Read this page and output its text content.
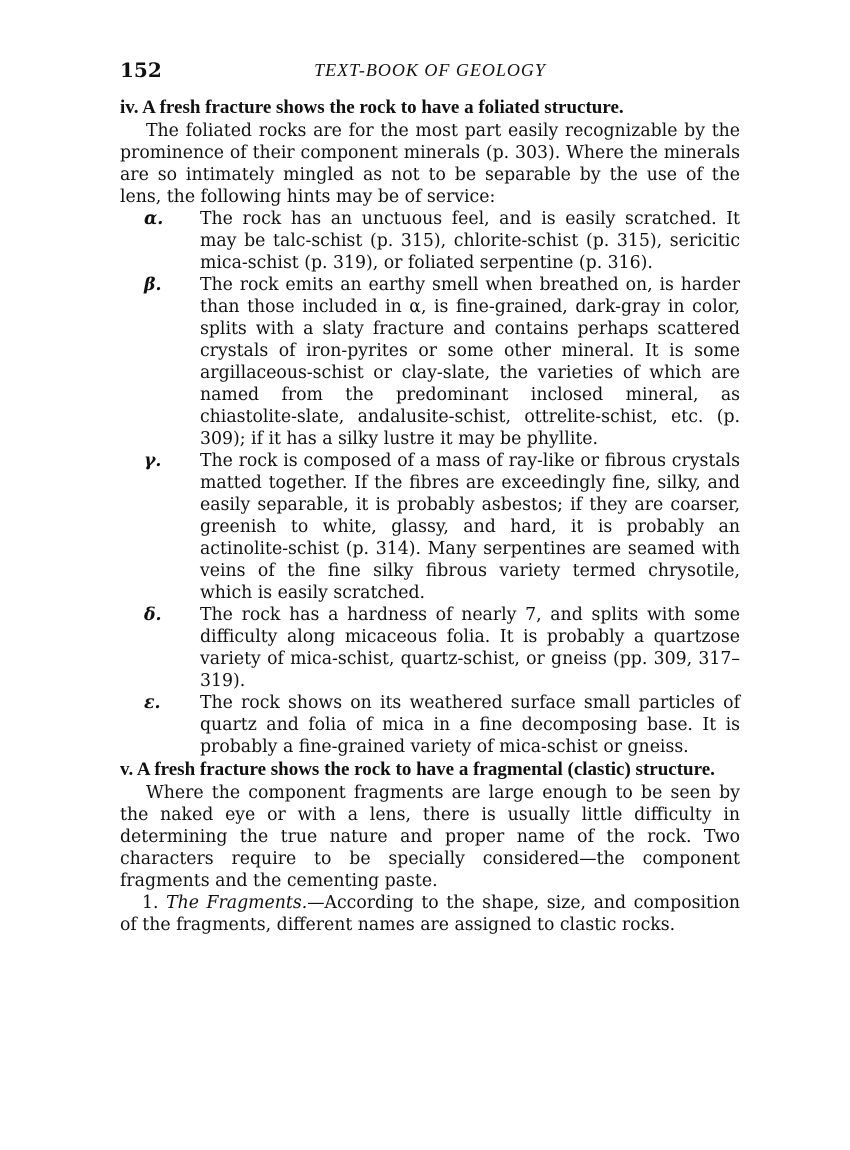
152	TEXT-BOOK OF GEOLOGY

iv. A fresh fracture shows the rock to have a foliated structure.

The foliated rocks are for the most part easily recognizable by the prominence of their component minerals (p. 303). Where the minerals are so intimately mingled as not to be separable by the use of the lens, the following hints may be of service:

α. The rock has an unctuous feel, and is easily scratched. It may be talc-schist (p. 315), chlorite-schist (p. 315), sericitic mica-schist (p. 319), or foliated serpentine (p. 316).
β. The rock emits an earthy smell when breathed on, is harder than those included in α, is fine-grained, dark-gray in color, splits with a slaty fracture and contains perhaps scattered crystals of iron-pyrites or some other mineral. It is some argillaceous-schist or clay-slate, the varieties of which are named from the predominant inclosed mineral, as chiastolite-slate, andalusite-schist, ottrelite-schist, etc. (p. 309); if it has a silky lustre it may be phyllite.
γ. The rock is composed of a mass of ray-like or fibrous crystals matted together. If the fibres are exceedingly fine, silky, and easily separable, it is probably asbestos; if they are coarser, greenish to white, glassy, and hard, it is probably an actinolite-schist (p. 314). Many serpentines are seamed with veins of the fine silky fibrous variety termed chrysotile, which is easily scratched.
δ. The rock has a hardness of nearly 7, and splits with some difficulty along micaceous folia. It is probably a quartzose variety of mica-schist, quartz-schist, or gneiss (pp. 309, 317–319).
ε. The rock shows on its weathered surface small particles of quartz and folia of mica in a fine decomposing base. It is probably a fine-grained variety of mica-schist or gneiss.

v. A fresh fracture shows the rock to have a fragmental (clastic) structure.

Where the component fragments are large enough to be seen by the naked eye or with a lens, there is usually little difficulty in determining the true nature and proper name of the rock. Two characters require to be specially considered—the component fragments and the cementing paste.

1. The Fragments.—According to the shape, size, and composition of the fragments, different names are assigned to clastic rocks.
